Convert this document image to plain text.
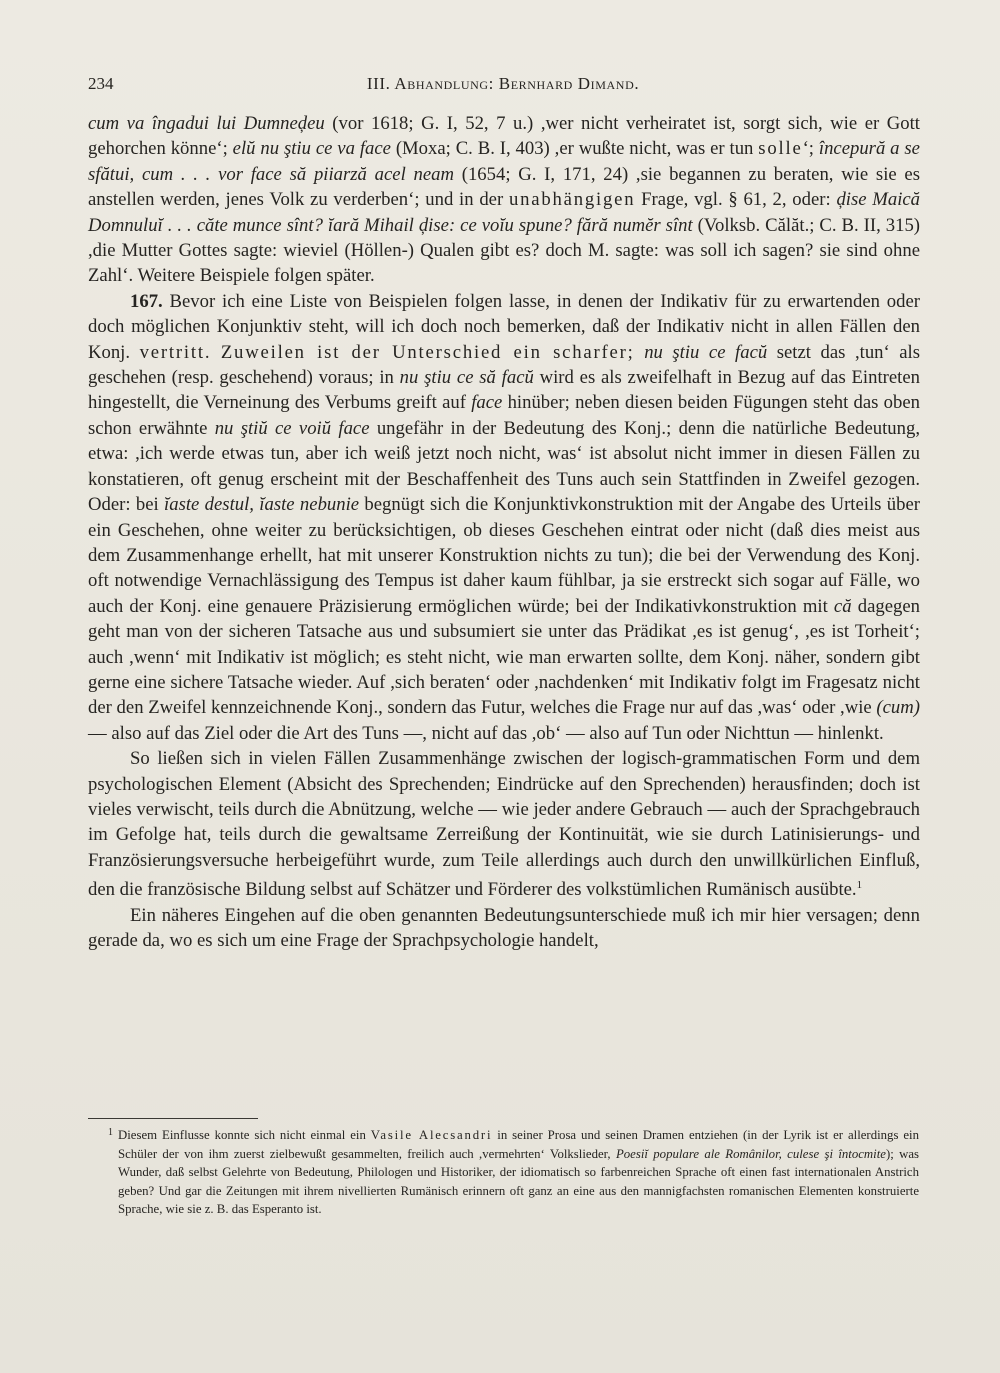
234	III. Abhandlung: Bernhard Dimand.

cum va îngadui lui Dumneḑeu (vor 1618; G. I, 52, 7 u.) ,wer nicht verheiratet ist, sorgt sich, wie er Gott gehorchen könne‘; elŭ nu ştiu ce va face (Moxa; C. B. I, 403) ,er wußte nicht, was er tun solle‘; începură a se sfătui, cum . . . vor face să piiarză acel neam (1654; G. I, 171, 24) ,sie begannen zu beraten, wie sie es anstellen werden, jenes Volk zu verderben‘; und in der unabhängigen Frage, vgl. § 61, 2, oder: ḑise Maică Domnuluĭ . . . căte munce sînt? ĭară Mihail ḑise: ce voĭu spune? fără numĕr sînt (Volksb. Călăt.; C. B. II, 315) ,die Mutter Gottes sagte: wieviel (Höllen-) Qualen gibt es? doch M. sagte: was soll ich sagen? sie sind ohne Zahl‘. Weitere Beispiele folgen später.

167. Bevor ich eine Liste von Beispielen folgen lasse, in denen der Indikativ für zu erwartenden oder doch möglichen Konjunktiv steht, will ich doch noch bemerken, daß der Indikativ nicht in allen Fällen den Konj. vertritt. Zuweilen ist der Unterschied ein scharfer; nu ştiu ce facŭ setzt das ,tun‘ als geschehen (resp. geschehend) voraus; in nu ştiu ce să facŭ wird es als zweifelhaft in Bezug auf das Eintreten hingestellt, die Verneinung des Verbums greift auf face hinüber; neben diesen beiden Fügungen steht das oben schon erwähnte nu ştiŭ ce voiŭ face ungefähr in der Bedeutung des Konj.; denn die natürliche Bedeutung, etwa: ,ich werde etwas tun, aber ich weiß jetzt noch nicht, was‘ ist absolut nicht immer in diesen Fällen zu konstatieren, oft genug erscheint mit der Beschaffenheit des Tuns auch sein Stattfinden in Zweifel gezogen. Oder: bei ĭaste destul, ĭaste nebunie begnügt sich die Konjunktivkonstruktion mit der Angabe des Urteils über ein Geschehen, ohne weiter zu berücksichtigen, ob dieses Geschehen eintrat oder nicht (daß dies meist aus dem Zusammenhange erhellt, hat mit unserer Konstruktion nichts zu tun); die bei der Verwendung des Konj. oft notwendige Vernachlässigung des Tempus ist daher kaum fühlbar, ja sie erstreckt sich sogar auf Fälle, wo auch der Konj. eine genauere Präzisierung ermöglichen würde; bei der Indikativkonstruktion mit că dagegen geht man von der sicheren Tatsache aus und subsumiert sie unter das Prädikat ,es ist genug‘, ,es ist Torheit‘; auch ,wenn‘ mit Indikativ ist möglich; es steht nicht, wie man erwarten sollte, dem Konj. näher, sondern gibt gerne eine sichere Tatsache wieder. Auf ,sich beraten‘ oder ,nachdenken‘ mit Indikativ folgt im Fragesatz nicht der den Zweifel kennzeichnende Konj., sondern das Futur, welches die Frage nur auf das ,was‘ oder ,wie (cum) — also auf das Ziel oder die Art des Tuns —, nicht auf das ,ob‘ — also auf Tun oder Nichttun — hinlenkt.

So ließen sich in vielen Fällen Zusammenhänge zwischen der logisch-grammatischen Form und dem psychologischen Element (Absicht des Sprechenden; Eindrücke auf den Sprechenden) herausfinden; doch ist vieles verwischt, teils durch die Abnützung, welche — wie jeder andere Gebrauch — auch der Sprachgebrauch im Gefolge hat, teils durch die gewaltsame Zerreißung der Kontinuität, wie sie durch Latinisierungs- und Französierungsversuche herbeigeführt wurde, zum Teile allerdings auch durch den unwillkürlichen Einfluß, den die französische Bildung selbst auf Schätzer und Förderer des volkstümlichen Rumänisch ausübte.$^1$

Ein näheres Eingehen auf die oben genannten Bedeutungsunterschiede muß ich mir hier versagen; denn gerade da, wo es sich um eine Frage der Sprachpsychologie handelt,

1 Diesem Einflusse konnte sich nicht einmal ein Vasile Alecsandri in seiner Prosa und seinen Dramen entziehen (in der Lyrik ist er allerdings ein Schüler der von ihm zuerst zielbewußt gesammelten, freilich auch ,vermehrten‘ Volkslieder, Poesiĭ populare ale Românilor, culese şi întocmite); was Wunder, daß selbst Gelehrte von Bedeutung, Philologen und Historiker, der idiomatisch so farbenreichen Sprache oft einen fast internationalen Anstrich geben? Und gar die Zeitungen mit ihrem nivellierten Rumänisch erinnern oft ganz an eine aus den mannigfachsten romanischen Elementen konstruierte Sprache, wie sie z. B. das Esperanto ist.
